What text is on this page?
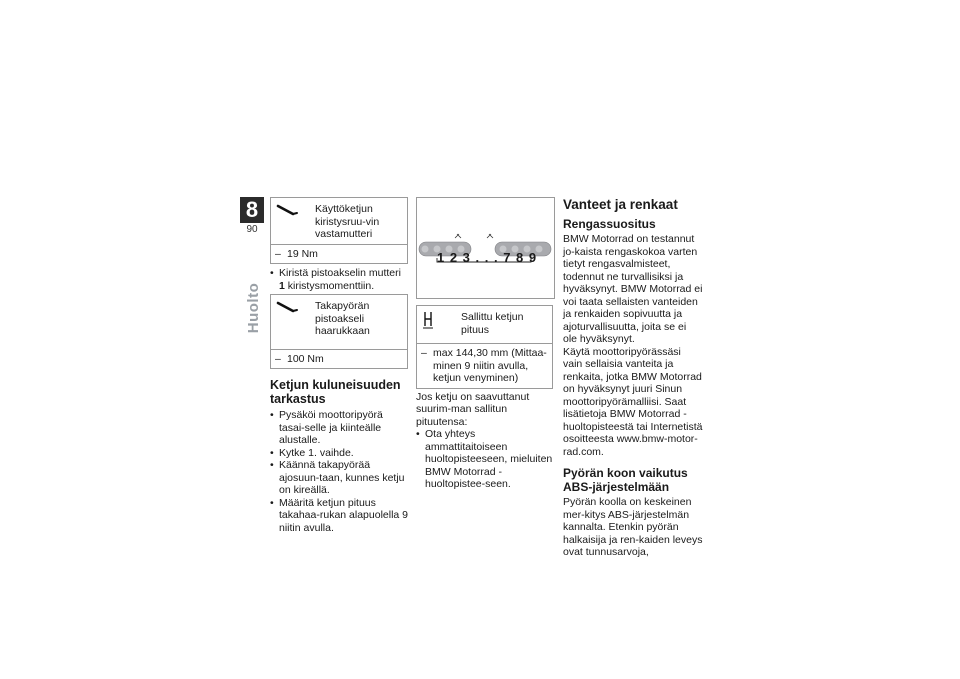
8
90
Huolto
Käyttöketjun kiristysruu-vin vastamutteri
– 19 Nm
• Kiristä pistoakselin mutteri 1 kiristysmomenttiin.
Takapyörän pistoakseli haarukkaan
– 100 Nm
Ketjun kuluneisuuden tarkastus
• Pysäköi moottoripyörä tasai-selle ja kiinteälle alustalle.
• Kytke 1. vaihde.
• Käännä takapyörää ajosuun-taan, kunnes ketju on kireällä.
• Määritä ketjun pituus takahaa-rukan alapuolella 9 niitin avulla.
1 2 3 . . . 7 8 9
Sallittu ketjun pituus
– max 144,30 mm (Mittaa-minen 9 niitin avulla, ketjun venyminen)

Jos ketju on saavuttanut suurim-man sallitun pituutensa:

• Ota yhteys ammattitaitoiseen huoltopisteeseen, mieluiten BMW Motorrad -huoltopistee-seen.
Vanteet ja renkaat
Rengassuositus

BMW Motorrad on testannut jo-kaista rengaskokoa varten tietyt rengasvalmisteet, todennut ne turvallisiksi ja hyväksynyt. BMW Motorrad ei voi taata sellaisten vanteiden ja renkaiden sopivuutta ja ajoturvallisuutta, joita se ei ole hyväksynyt.

Käytä moottoripyörässäsi vain sellaisia vanteita ja renkaita, jotka BMW Motorrad on hyväksynyt juuri Sinun moottoripyörämalliisi. Saat lisätietoja BMW Motorrad -huoltopisteestä tai Internetistä osoitteesta www.bmw-motor-rad.com.

Pyörän koon vaikutus ABS-järjestelmään

Pyörän koolla on keskeinen mer-kitys ABS-järjestelmän kannalta. Etenkin pyörän halkaisija ja ren-kaiden leveys ovat tunnusarvoja,
